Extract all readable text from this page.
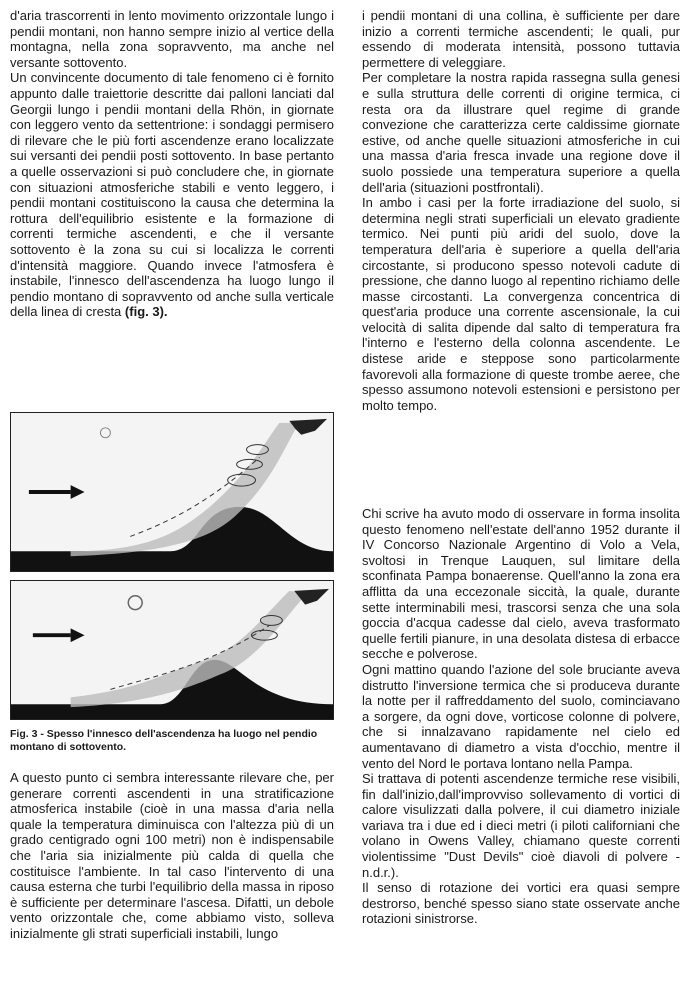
d'aria trascorrenti in lento movimento orizzontale lungo i pendii montani, non hanno sempre inizio al vertice della montagna, nella zona sopravvento, ma anche nel versante sottovento.

Un convincente documento di tale fenomeno ci è fornito appunto dalle traiettorie descritte dai palloni lanciati dal Georgii lungo i pendii montani della Rhön, in giornate con leggero vento da settentrione: i sondaggi permisero di rilevare che le più forti ascendenze erano localizzate sui versanti dei pendii posti sottovento. In base pertanto a quelle osservazioni si può concludere che, in giornate con situazioni atmosferiche stabili e vento leggero, i pendii montani costituiscono la causa che determina la rottura dell'equilibrio esistente e la formazione di correnti termiche ascendenti, e che il versante sottovento è la zona su cui si localizza le correnti d'intensità maggiore. Quando invece l'atmosfera è instabile, l'innesco dell'ascendenza ha luogo lungo il pendio montano di sopravvento od anche sulla verticale della linea di cresta (fig. 3).

Fig. 3 - Spesso l'innesco dell'ascendenza ha luogo nel pendio montano di sottovento.

A questo punto ci sembra interessante rilevare che, per generare correnti ascendenti in una stratificazione atmosferica instabile (cioè in una massa d'aria nella quale la temperatura diminuisca con l'altezza più di un grado centigrado ogni 100 metri) non è indispensabile che l'aria sia inizialmente più calda di quella che costituisce l'ambiente. In tal caso l'intervento di una causa esterna che turbi l'equilibrio della massa in riposo è sufficiente per determinare l'ascesa. Difatti, un debole vento orizzontale che, come abbiamo visto, solleva inizialmente gli strati superficiali instabili, lungo

i pendii montani di una collina, è sufficiente per dare inizio a correnti termiche ascendenti; le quali, pur essendo di moderata intensità, possono tuttavia permettere di veleggiare.

Per completare la nostra rapida rassegna sulla genesi e sulla struttura delle correnti di origine termica, ci resta ora da illustrare quel regime di grande convezione che caratterizza certe caldissime giornate estive, od anche quelle situazioni atmosferiche in cui una massa d'aria fresca invade una regione dove il suolo possiede una temperatura superiore a quella dell'aria (situazioni postfrontali).

In ambo i casi per la forte irradiazione del suolo, si determina negli strati superficiali un elevato gradiente termico. Nei punti più aridi del suolo, dove la temperatura dell'aria è superiore a quella dell'aria circostante, si producono spesso notevoli cadute di pressione, che danno luogo al repentino richiamo delle masse circostanti. La convergenza concentrica di quest'aria produce una corrente ascensionale, la cui velocità di salita dipende dal salto di temperatura fra l'interno e l'esterno della colonna ascendente. Le distese aride e steppose sono particolarmente favorevoli alla formazione di queste trombe aeree, che spesso assumono notevoli estensioni e persistono per molto tempo.

Chi scrive ha avuto modo di osservare in forma insolita questo fenomeno nell'estate dell'anno 1952 durante il IV Concorso Nazionale Argentino di Volo a Vela, svoltosi in Trenque Lauquen, sul limitare della sconfinata Pampa bonaerense. Quell'anno la zona era afflitta da una eccezonale siccità, la quale, durante sette interminabili mesi, trascorsi senza che una sola goccia d'acqua cadesse dal cielo, aveva trasformato quelle fertili pianure, in una desolata distesa di erbacce secche e polverose.

Ogni mattino quando l'azione del sole bruciante aveva distrutto l'inversione termica che si produceva durante la notte per il raffreddamento del suolo, cominciavano a sorgere, da ogni dove, vorticose colonne di polvere, che si innalzavano rapidamente nel cielo ed aumentavano di diametro a vista d'occhio, mentre il vento del Nord le portava lontano nella Pampa.

Si trattava di potenti ascendenze termiche rese visibili, fin dall'inizio,dall'improvviso sollevamento di vortici di calore visulizzati dalla polvere, il cui diametro iniziale variava tra i due ed i dieci metri (i piloti californiani che volano in Owens Valley, chiamano queste correnti violentissime "Dust Devils" cioè diavoli di polvere - n.d.r.).

Il senso di rotazione dei vortici era quasi sempre destrorso, benché spesso siano state osservate anche rotazioni sinistrorse.
